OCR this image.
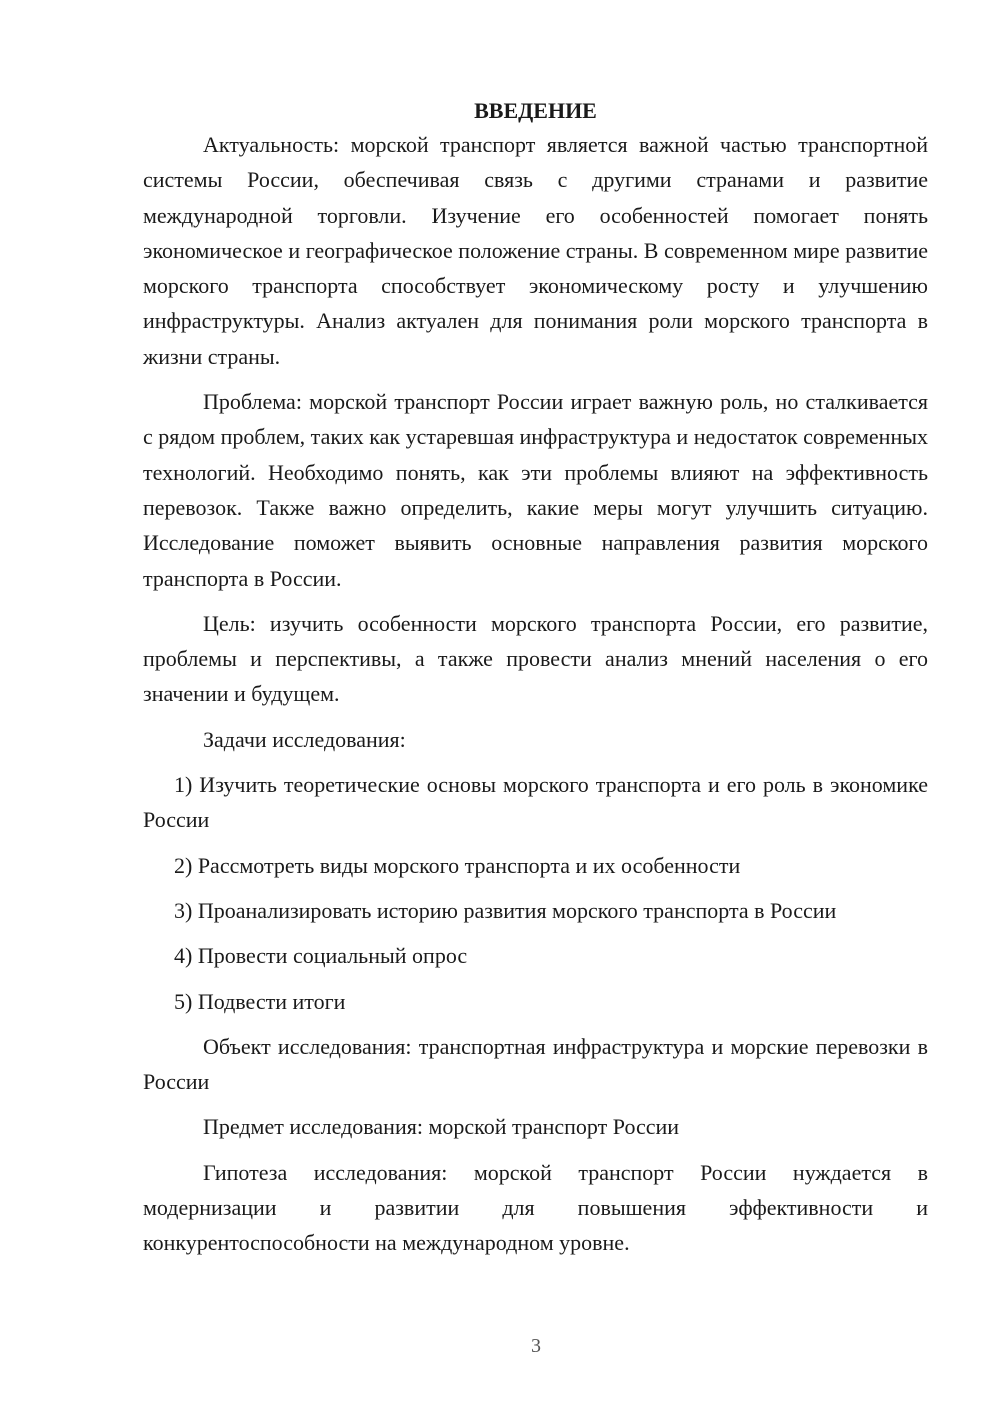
ВВЕДЕНИЕ

Актуальность: морской транспорт является важной частью транспортной системы России, обеспечивая связь с другими странами и развитие международной торговли. Изучение его особенностей помогает понять экономическое и географическое положение страны. В современном мире развитие морского транспорта способствует экономическому росту и улучшению инфраструктуры. Анализ актуален для понимания роли морского транспорта в жизни страны.

Проблема: морской транспорт России играет важную роль, но сталкивается с рядом проблем, таких как устаревшая инфраструктура и недостаток современных технологий. Необходимо понять, как эти проблемы влияют на эффективность перевозок. Также важно определить, какие меры могут улучшить ситуацию. Исследование поможет выявить основные направления развития морского транспорта в России.

Цель: изучить особенности морского транспорта России, его развитие, проблемы и перспективы, а также провести анализ мнений населения о его значении и будущем.

Задачи исследования:

1) Изучить теоретические основы морского транспорта и его роль в экономике России

2) Рассмотреть виды морского транспорта и их особенности

3) Проанализировать историю развития морского транспорта в России

4) Провести социальный опрос

5) Подвести итоги

Объект исследования: транспортная инфраструктура и морские перевозки в России

Предмет исследования: морской транспорт России

Гипотеза исследования: морской транспорт России нуждается в модернизации и развитии для повышения эффективности и конкурентоспособности на международном уровне.

3
